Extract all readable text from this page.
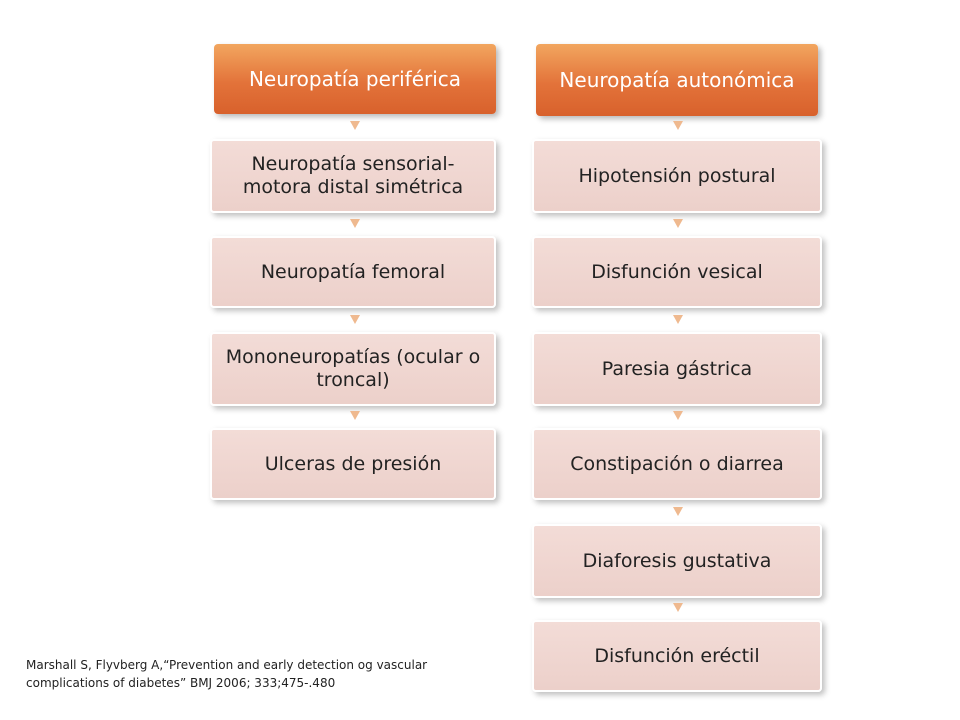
Neuropatía periférica
Neuropatía sensorial-motora distal simétrica
Neuropatía femoral
Mononeuropatías (ocular o troncal)
Ulceras de presión
Neuropatía autonómica
Hipotensión postural
Disfunción vesical
Paresia gástrica
Constipación o diarrea
Diaforesis gustativa
Disfunción eréctil
Marshall S, Flyvberg A,“Prevention and early detection og vascular complications of diabetes” BMJ 2006; 333;475-.480
